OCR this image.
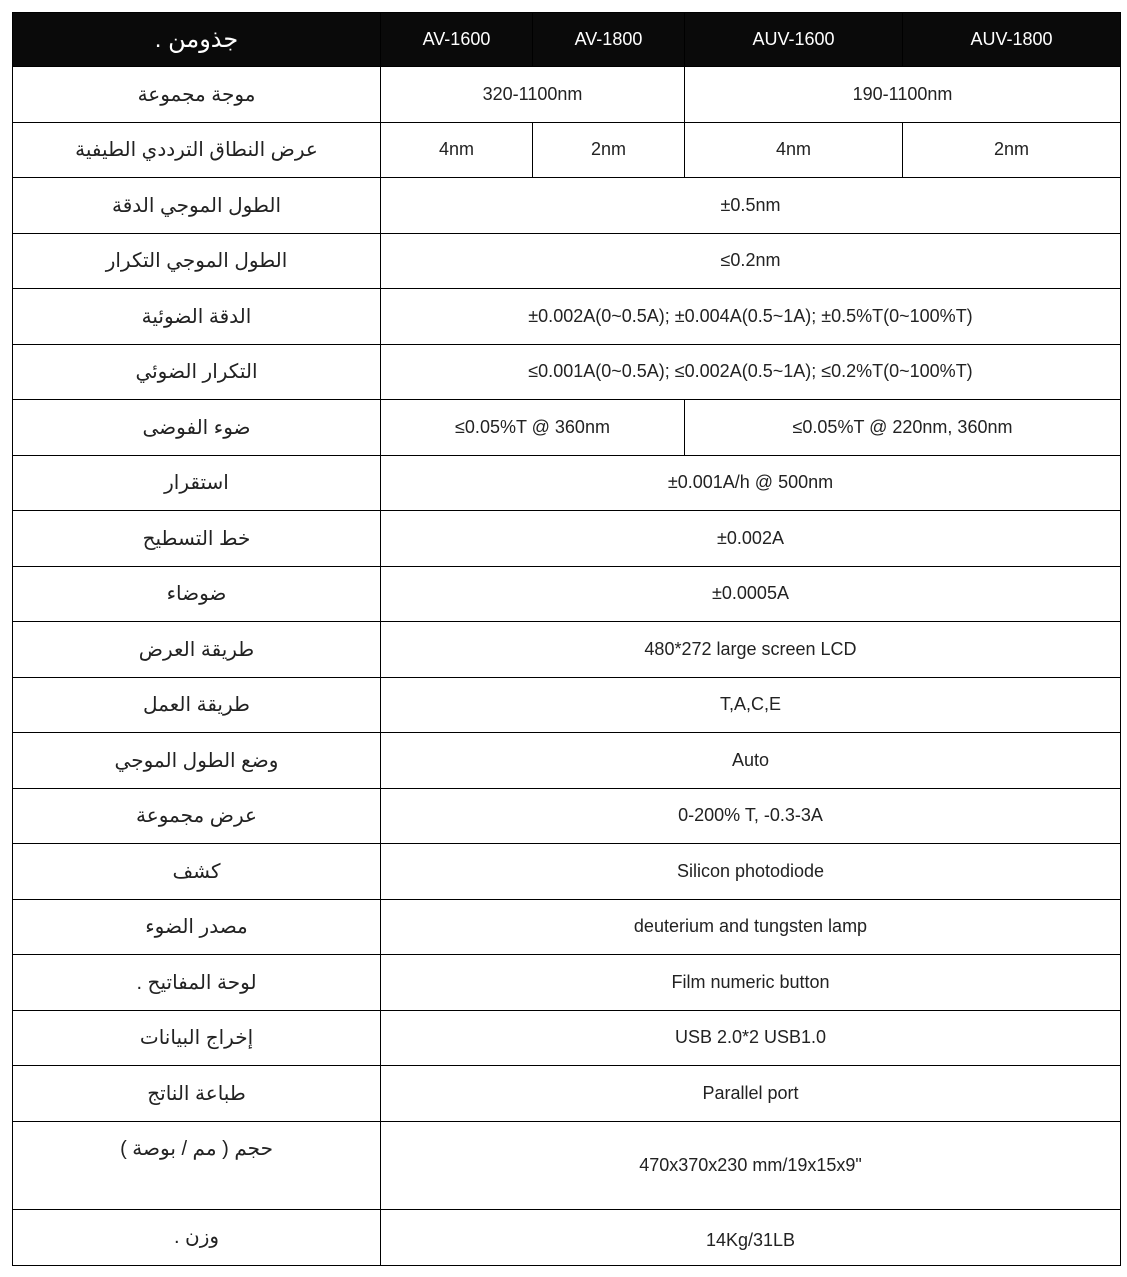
جذومن .	AV-1600	AV-1800	AUV-1600	AUV-1800
موجة مجموعة	320-1100nm		190-1100nm	
عرض النطاق الترددي الطيفية	4nm	2nm	4nm	2nm
الطول الموجي الدقة	±0.5nm			
الطول الموجي التكرار	≤0.2nm			
الدقة الضوئية	±0.002A(0~0.5A); ±0.004A(0.5~1A); ±0.5%T(0~100%T)			
التكرار الضوئي	≤0.001A(0~0.5A); ≤0.002A(0.5~1A); ≤0.2%T(0~100%T)			
ضوء الفوضى	≤0.05%T @ 360nm		≤0.05%T @ 220nm, 360nm	
استقرار	±0.001A/h @ 500nm			
خط التسطيح	±0.002A			
ضوضاء	±0.0005A			
طريقة العرض	480*272 large screen LCD			
طريقة العمل	T,A,C,E			
وضع الطول الموجي	Auto			
عرض مجموعة	0-200% T, -0.3-3A			
كشف	Silicon photodiode			
مصدر الضوء	deuterium and tungsten lamp			
لوحة المفاتيح .	Film numeric button			
إخراج البيانات	USB 2.0*2 USB1.0			
طباعة الناتج	Parallel port			
حجم ( مم / بوصة )	470x370x230 mm/19x15x9"			
وزن .	14Kg/31LB			
